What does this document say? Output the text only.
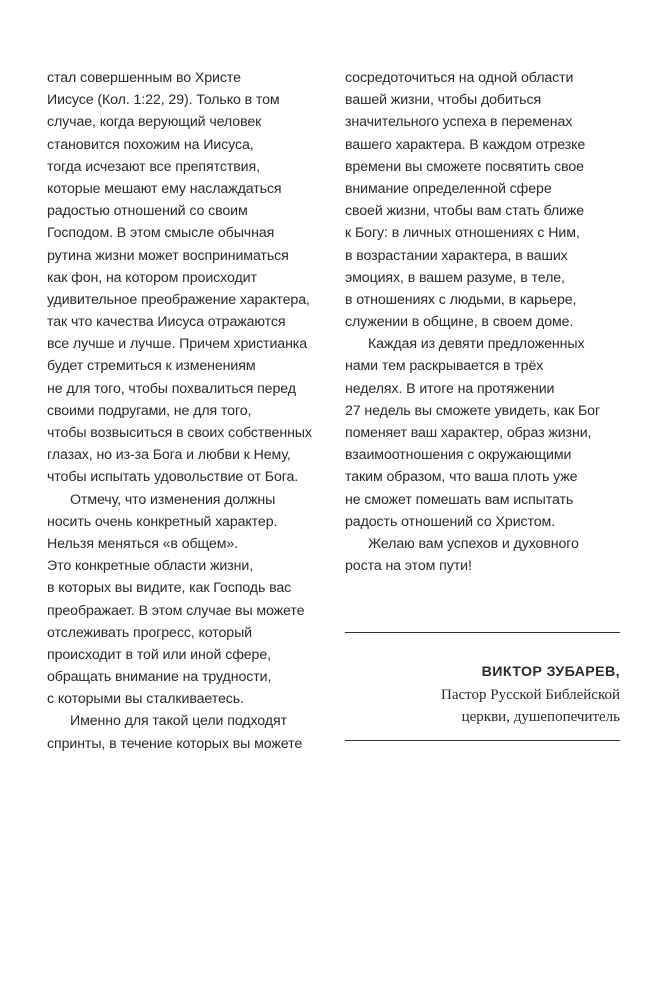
стал совершенным во Христе
Иисусе (Кол. 1:22, 29). Только в том
случае, когда верующий человек
становится похожим на Иисуса,
тогда исчезают все препятствия,
которые мешают ему наслаждаться
радостью отношений со своим
Господом. В этом смысле обычная
рутина жизни может восприниматься
как фон, на котором происходит
удивительное преображение характера,
так что качества Иисуса отражаются
все лучше и лучше. Причем христианка
будет стремиться к изменениям
не для того, чтобы похвалиться перед
своими подругами, не для того,
чтобы возвыситься в своих собственных
глазах, но из-за Бога и любви к Нему,
чтобы испытать удовольствие от Бога.
Отмечу, что изменения должны
носить очень конкретный характер.
Нельзя меняться «в общем».
Это конкретные области жизни,
в которых вы видите, как Господь вас
преображает. В этом случае вы можете
отслеживать прогресс, который
происходит в той или иной сфере,
обращать внимание на трудности,
с которыми вы сталкиваетесь.
Именно для такой цели подходят
спринты, в течение которых вы можете
сосредоточиться на одной области
вашей жизни, чтобы добиться
значительного успеха в переменах
вашего характера. В каждом отрезке
времени вы сможете посвятить свое
внимание определенной сфере
своей жизни, чтобы вам стать ближе
к Богу: в личных отношениях с Ним,
в возрастании характера, в ваших
эмоциях, в вашем разуме, в теле,
в отношениях с людьми, в карьере,
служении в общине, в своем доме.
Каждая из девяти предложенных
нами тем раскрывается в трёх
неделях. В итоге на протяжении
27 недель вы сможете увидеть, как Бог
поменяет ваш характер, образ жизни,
взаимоотношения с окружающими
таким образом, что ваша плоть уже
не сможет помешать вам испытать
радость отношений со Христом.
Желаю вам успехов и духовного
роста на этом пути!
ВИКТОР ЗУБАРЕВ,
Пастор Русской Библейской
церкви, душепопечитель
